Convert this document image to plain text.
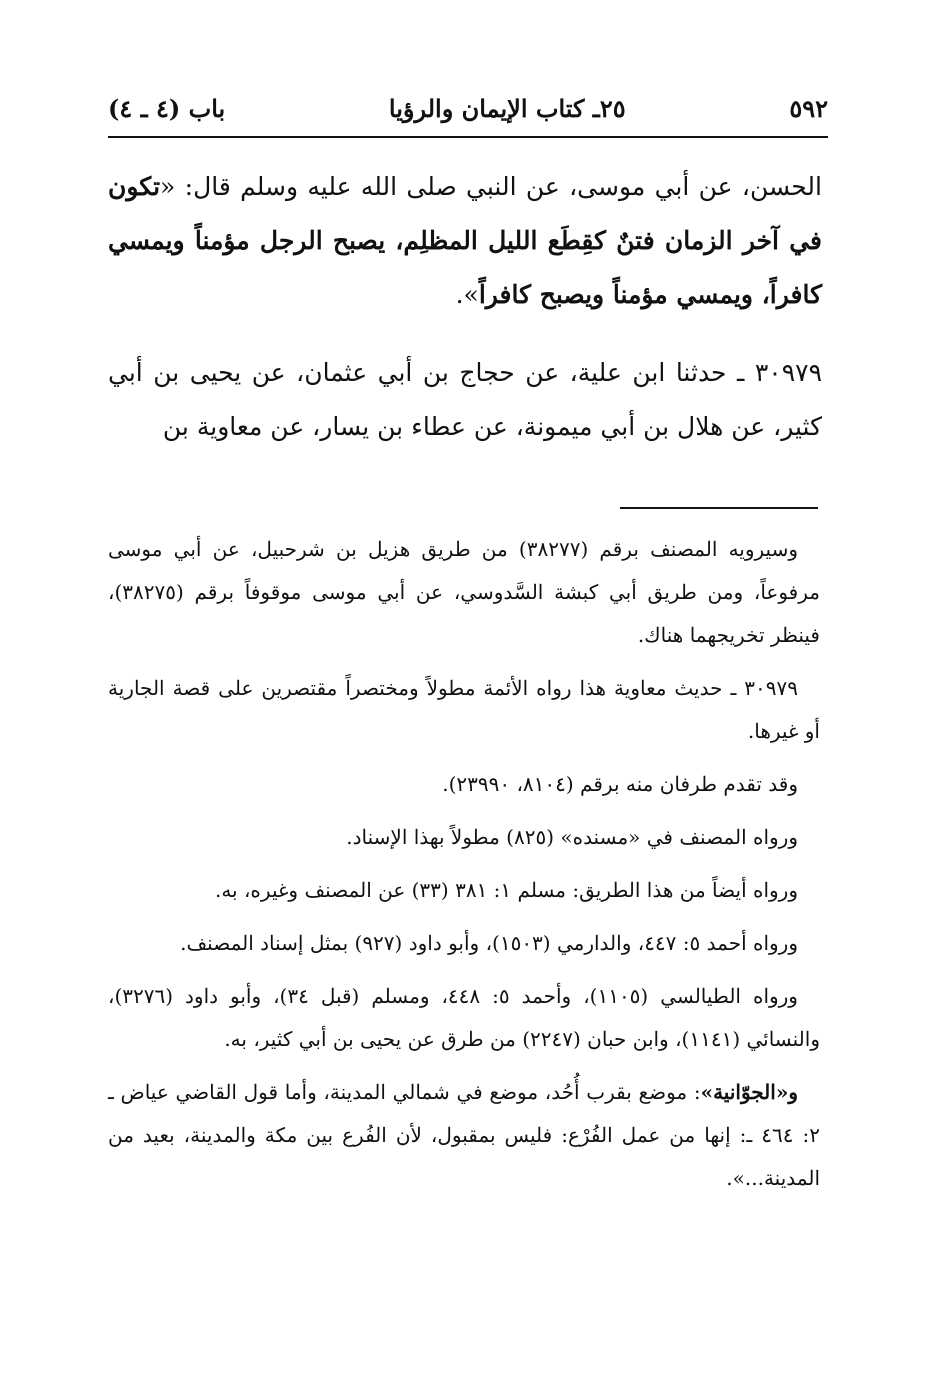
٥٩٢
٢٥ـ كتاب الإيمان والرؤيا
باب (٤ ـ ٤)

الحسن، عن أبي موسى، عن النبي صلى الله عليه وسلم قال: «تكون في آخر الزمان فتنٌ كقِطَع الليل المظلِم، يصبح الرجل مؤمناً ويمسي كافراً، ويمسي مؤمناً ويصبح كافراً».

٣٠٩٧٩ ـ حدثنا ابن علية، عن حجاج بن أبي عثمان، عن يحيى بن أبي كثير، عن هلال بن أبي ميمونة، عن عطاء بن يسار، عن معاوية بن

وسيرويه المصنف برقم (٣٨٢٧٧) من طريق هزيل بن شرحبيل، عن أبي موسى مرفوعاً، ومن طريق أبي كبشة السَّدوسي، عن أبي موسى موقوفاً برقم (٣٨٢٧٥)، فينظر تخريجهما هناك.

٣٠٩٧٩ ـ حديث معاوية هذا رواه الأئمة مطولاً ومختصراً مقتصرين على قصة الجارية أو غيرها.

وقد تقدم طرفان منه برقم (٨١٠٤، ٢٣٩٩٠).

ورواه المصنف في «مسنده» (٨٢٥) مطولاً بهذا الإسناد.

ورواه أيضاً من هذا الطريق: مسلم ١: ٣٨١ (٣٣) عن المصنف وغيره، به.

ورواه أحمد ٥: ٤٤٧، والدارمي (١٥٠٣)، وأبو داود (٩٢٧) بمثل إسناد المصنف.

ورواه الطيالسي (١١٠٥)، وأحمد ٥: ٤٤٨، ومسلم (قبل ٣٤)، وأبو داود (٣٢٧٦)، والنسائي (١١٤١)، وابن حبان (٢٢٤٧) من طرق عن يحيى بن أبي كثير، به.

و«الجوّانية»: موضع بقرب أُحُد، موضع في شمالي المدينة، وأما قول القاضي عياض ـ ٢: ٤٦٤ ـ: إنها من عمل الفُرْع: فليس بمقبول، لأن الفُرع بين مكة والمدينة، بعيد من المدينة...».
